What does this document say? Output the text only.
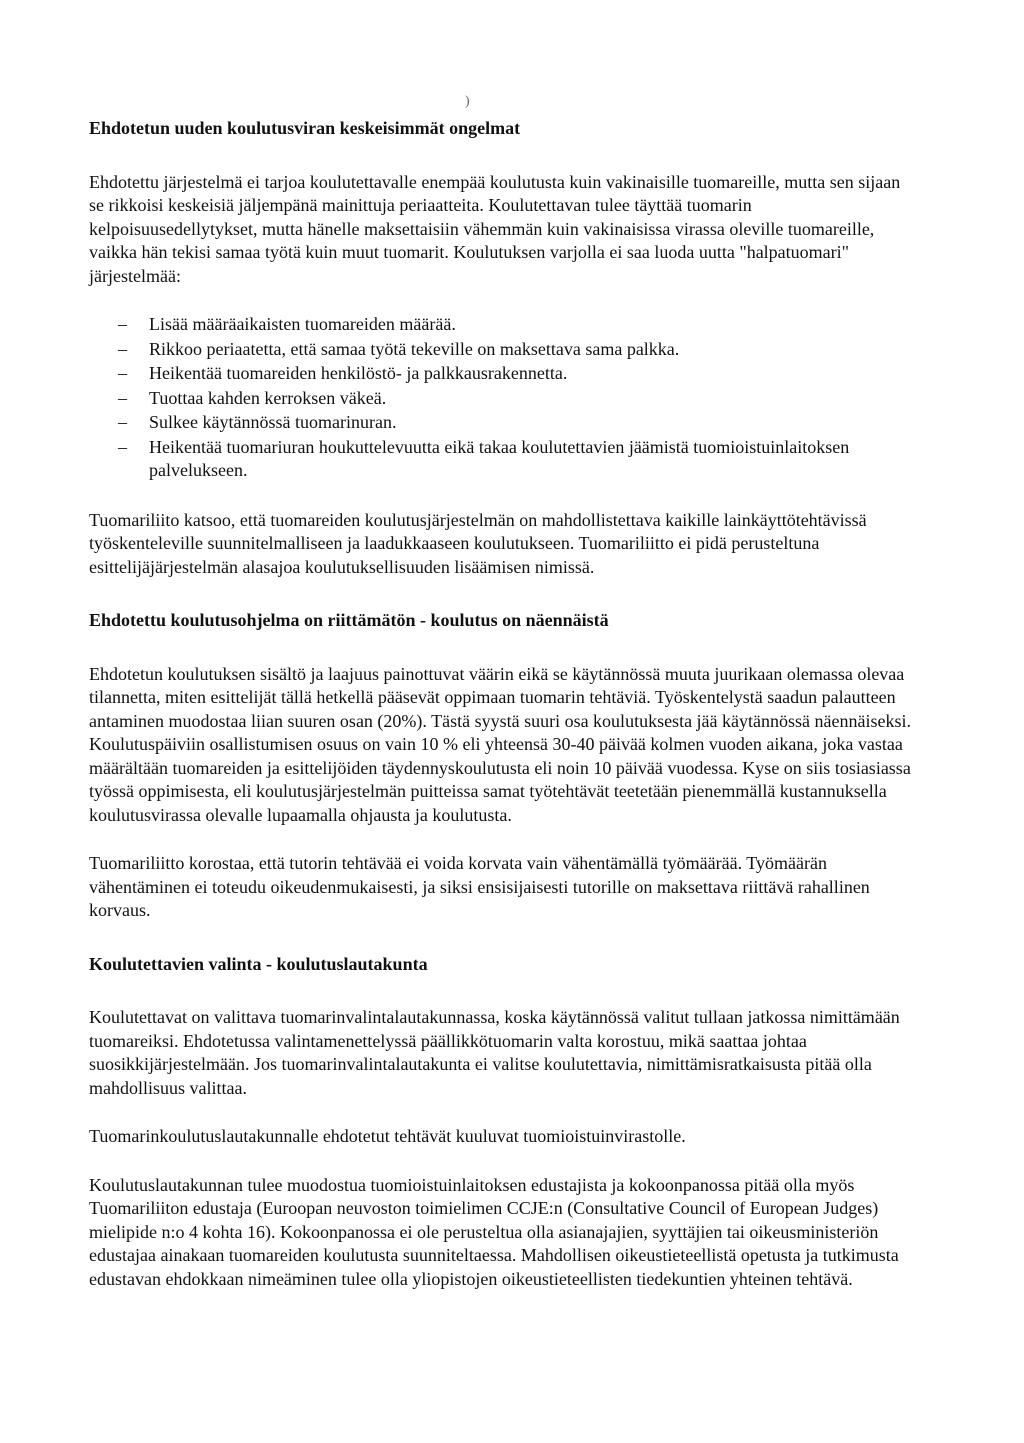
)
Ehdotetun uuden koulutusviran keskeisimmät ongelmat

Ehdotettu järjestelmä ei tarjoa koulutettavalle enempää koulutusta kuin vakinaisille tuomareille, mutta sen sijaan se rikkoisi keskeisiä jäljempänä mainittuja periaatteita. Koulutettavan tulee täyttää tuomarin kelpoisuusedellytykset, mutta hänelle maksettaisiin vähemmän kuin vakinaisissa virassa oleville tuomareille, vaikka hän tekisi samaa työtä kuin muut tuomarit. Koulutuksen varjolla ei saa luoda uutta "halpatuomari" järjestelmää:

– Lisää määräaikaisten tuomareiden määrää.
– Rikkoo periaatetta, että samaa työtä tekeville on maksettava sama palkka.
– Heikentää tuomareiden henkilöstö- ja palkkausrakennetta.
– Tuottaa kahden kerroksen väkeä.
– Sulkee käytännössä tuomarinuran.
– Heikentää tuomariuran houkuttelevuutta eikä takaa koulutettavien jäämistä tuomioistuinlaitoksen palvelukseen.

Tuomariliito katsoo, että tuomareiden koulutusjärjestelmän on mahdollistettava kaikille lainkäyttötehtävissä työskenteleville suunnitelmalliseen ja laadukkaaseen koulutukseen. Tuomariliitto ei pidä perusteltuna esittelijäjärjestelmän alasajoa koulutuksellisuuden lisäämisen nimissä.

Ehdotettu koulutusohjelma on riittämätön - koulutus on näennäistä

Ehdotetun koulutuksen sisältö ja laajuus painottuvat väärin eikä se käytännössä muuta juurikaan olemassa olevaa tilannetta, miten esittelijät tällä hetkellä pääsevät oppimaan tuomarin tehtäviä. Työskentelystä saadun palautteen antaminen muodostaa liian suuren osan (20%). Tästä syystä suuri osa koulutuksesta jää käytännössä näennäiseksi. Koulutuspäiviin osallistumisen osuus on vain 10 % eli yhteensä 30-40 päivää kolmen vuoden aikana, joka vastaa määrältään tuomareiden ja esittelijöiden täydennyskoulutusta eli noin 10 päivää vuodessa. Kyse on siis tosiasiassa työssä oppimisesta, eli koulutusjärjestelmän puitteissa samat työtehtävät teetetään pienemmällä kustannuksella koulutusvirassa olevalle lupaamalla ohjausta ja koulutusta.

Tuomariliitto korostaa, että tutorin tehtävää ei voida korvata vain vähentämällä työmäärää. Työmäärän vähentäminen ei toteudu oikeudenmukaisesti, ja siksi ensisijaisesti tutorille on maksettava riittävä rahallinen korvaus.

Koulutettavien valinta - koulutuslautakunta

Koulutettavat on valittava tuomarinvalintalautakunnassa, koska käytännössä valitut tullaan jatkossa nimittämään tuomareiksi. Ehdotetussa valintamenettelyssä päällikkötuomarin valta korostuu, mikä saattaa johtaa suosikkijärjestelmään. Jos tuomarinvalintalautakunta ei valitse koulutettavia, nimittämisratkaisusta pitää olla mahdollisuus valittaa.

Tuomarinkoulutuslautakunnalle ehdotetut tehtävät kuuluvat tuomioistuinvirastolle.

Koulutuslautakunnan tulee muodostua tuomioistuinlaitoksen edustajista ja kokoonpanossa pitää olla myös Tuomariliiton edustaja (Euroopan neuvoston toimielimen CCJE:n (Consultative Council of European Judges) mielipide n:o 4 kohta 16). Kokoonpanossa ei ole perusteltua olla asianajajien, syyttäjien tai oikeusministeriön edustajaa ainakaan tuomareiden koulutusta suunniteltaessa. Mahdollisen oikeustieteellistä opetusta ja tutkimusta edustavan ehdokkaan nimeäminen tulee olla yliopistojen oikeustieteellisten tiedekuntien yhteinen tehtävä.
